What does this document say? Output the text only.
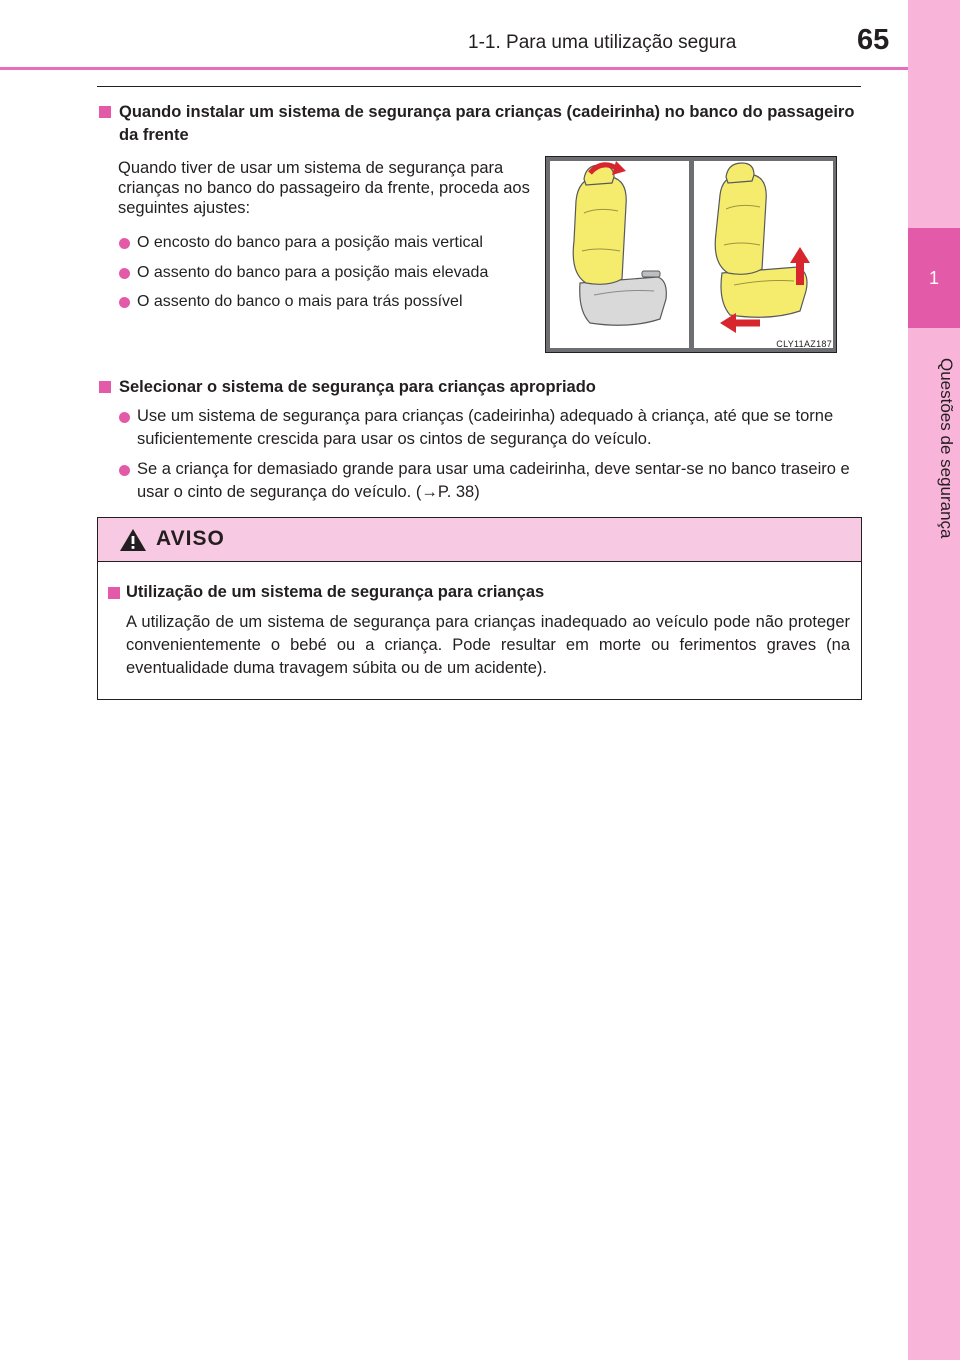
1-1. Para uma utilização segura	65
1
Questões de segurança
Quando instalar um sistema de segurança para crianças (cadeirinha) no banco do passageiro da frente
Quando tiver de usar um sistema de segurança para crianças no banco do passageiro da frente, proceda aos seguintes ajustes:
O encosto do banco para a posição mais vertical
O assento do banco para a posição mais elevada
O assento do banco o mais para trás possível
CLY11AZ187
Selecionar o sistema de segurança para crianças apropriado
Use um sistema de segurança para crianças (cadeirinha) adequado à criança, até que se torne suficientemente crescida para usar os cintos de segurança do veículo.
Se a criança for demasiado grande para usar uma cadeirinha, deve sentar-se no banco traseiro e usar o cinto de segurança do veículo. (→P. 38)
AVISO
Utilização de um sistema de segurança para crianças
A utilização de um sistema de segurança para crianças inadequado ao veículo pode não proteger convenientemente o bebé ou a criança. Pode resultar em morte ou ferimentos graves (na eventualidade duma travagem súbita ou de um acidente).
